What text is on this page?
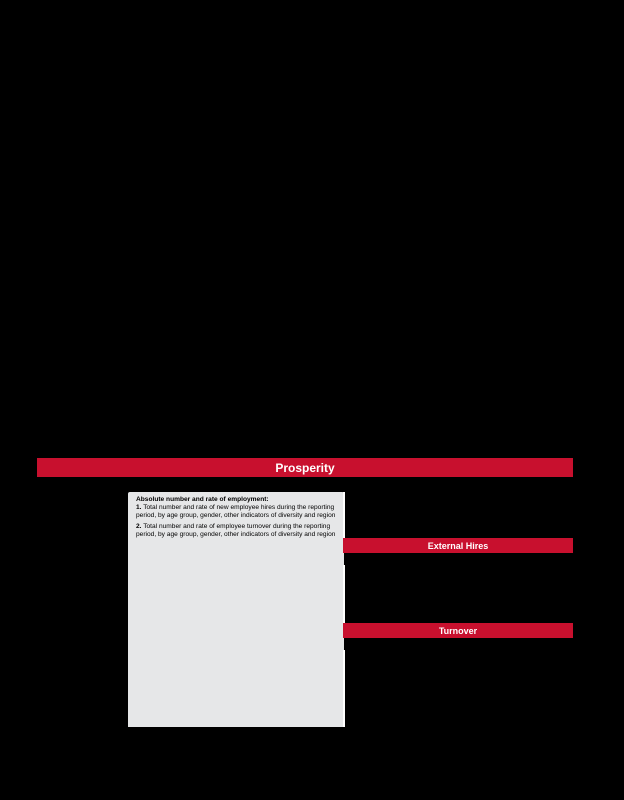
Prosperity

Absolute number and rate of employment:

1. Total number and rate of new employee hires during the reporting period, by age group, gender, other indicators of diversity and region

2. Total number and rate of employee turnover during the reporting period, by age group, gender, other indicators of diversity and region

External Hires
Turnover
